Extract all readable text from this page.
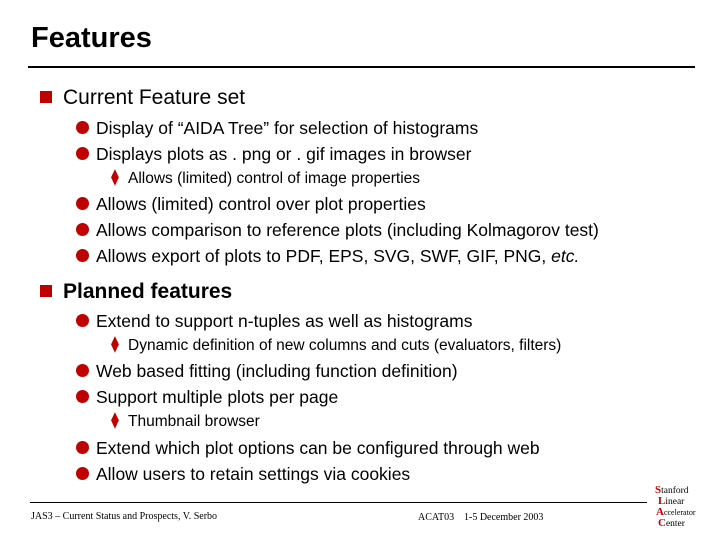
Features
Current Feature set
Display of “AIDA Tree” for selection of histograms
Displays plots as . png or . gif images in browser
⧫ Allows (limited) control of image properties
Allows (limited) control over plot properties
Allows comparison to reference plots (including Kolmagorov test)
Allows export of plots to PDF, EPS, SVG, SWF, GIF, PNG, etc.
Planned features
Extend to support n-tuples as well as histograms
⧫ Dynamic definition of new columns and cuts (evaluators, filters)
Web based fitting (including function definition)
Support multiple plots per page
⧫ Thumbnail browser
Extend which plot options can be configured through web
Allow users to retain settings via cookies
JAS3 – Current Status and Prospects, V. Serbo	ACAT03 1-5 December 2003
Stanford
Linear
Accelerator
Center
